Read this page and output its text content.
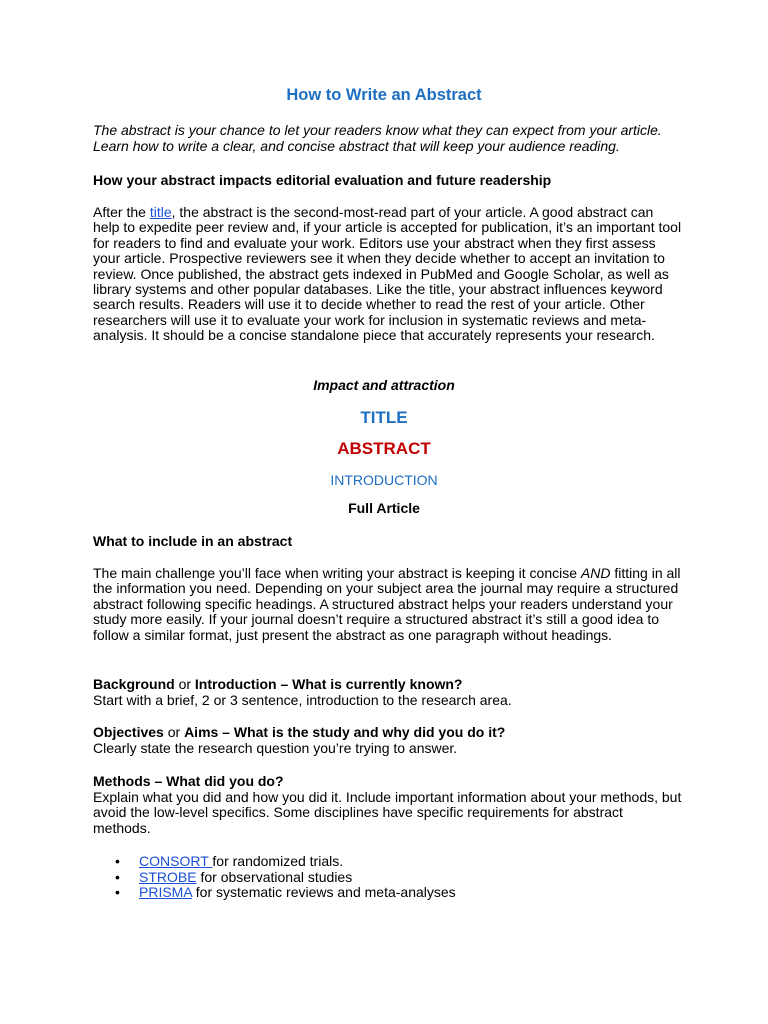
How to Write an Abstract
The abstract is your chance to let your readers know what they can expect from your article. Learn how to write a clear, and concise abstract that will keep your audience reading.
How your abstract impacts editorial evaluation and future readership
After the title, the abstract is the second-most-read part of your article. A good abstract can help to expedite peer review and, if your article is accepted for publication, it’s an important tool for readers to find and evaluate your work. Editors use your abstract when they first assess your article. Prospective reviewers see it when they decide whether to accept an invitation to review. Once published, the abstract gets indexed in PubMed and Google Scholar, as well as library systems and other popular databases. Like the title, your abstract influences keyword search results. Readers will use it to decide whether to read the rest of your article. Other researchers will use it to evaluate your work for inclusion in systematic reviews and meta-analysis. It should be a concise standalone piece that accurately represents your research.
Impact and attraction
TITLE
ABSTRACT
INTRODUCTION
Full Article
What to include in an abstract
The main challenge you’ll face when writing your abstract is keeping it concise AND fitting in all the information you need. Depending on your subject area the journal may require a structured abstract following specific headings. A structured abstract helps your readers understand your study more easily. If your journal doesn’t require a structured abstract it’s still a good idea to follow a similar format, just present the abstract as one paragraph without headings.
Background or Introduction – What is currently known?
Start with a brief, 2 or 3 sentence, introduction to the research area.
Objectives or Aims – What is the study and why did you do it?
Clearly state the research question you’re trying to answer.
Methods – What did you do?
Explain what you did and how you did it. Include important information about your methods, but avoid the low-level specifics. Some disciplines have specific requirements for abstract methods.
• CONSORT for randomized trials.
• STROBE for observational studies
• PRISMA for systematic reviews and meta-analyses
